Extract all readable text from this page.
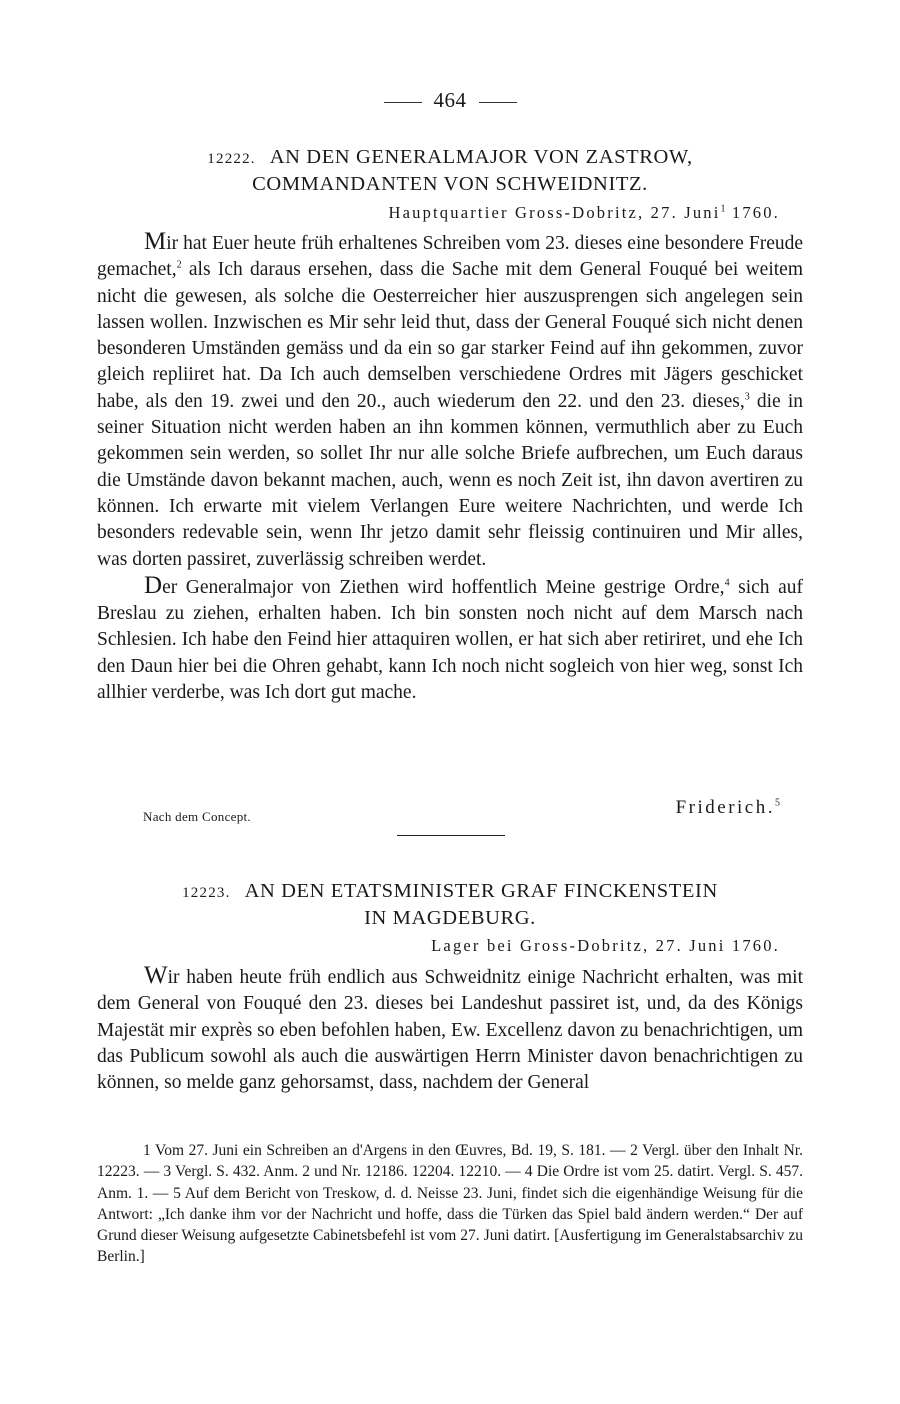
464
12222. AN DEN GENERALMAJOR VON ZASTROW,
COMMANDANTEN VON SCHWEIDNITZ.
Hauptquartier Gross-Dobritz, 27. Juni$^1$ 1760.

Mir hat Euer heute früh erhaltenes Schreiben vom 23. dieses eine besondere Freude gemachet,$^2$ als Ich daraus ersehen, dass die Sache mit dem General Fouqué bei weitem nicht die gewesen, als solche die Oesterreicher hier auszusprengen sich angelegen sein lassen wollen. Inzwischen es Mir sehr leid thut, dass der General Fouqué sich nicht denen besonderen Umständen gemäss und da ein so gar starker Feind auf ihn gekommen, zuvor gleich repliiret hat. Da Ich auch demselben verschiedene Ordres mit Jägers geschicket habe, als den 19. zwei und den 20., auch wiederum den 22. und den 23. dieses,$^3$ die in seiner Situation nicht werden haben an ihn kommen können, vermuthlich aber zu Euch gekommen sein werden, so sollet Ihr nur alle solche Briefe aufbrechen, um Euch daraus die Umstände davon bekannt machen, auch, wenn es noch Zeit ist, ihn davon avertiren zu können. Ich erwarte mit vielem Verlangen Eure weitere Nachrichten, und werde Ich besonders redevable sein, wenn Ihr jetzo damit sehr fleissig continuiren und Mir alles, was dorten passiret, zuverlässig schreiben werdet.

Der Generalmajor von Ziethen wird hoffentlich Meine gestrige Ordre,$^4$ sich auf Breslau zu ziehen, erhalten haben. Ich bin sonsten noch nicht auf dem Marsch nach Schlesien. Ich habe den Feind hier attaquiren wollen, er hat sich aber retiriret, und ehe Ich den Daun hier bei die Ohren gehabt, kann Ich noch nicht sogleich von hier weg, sonst Ich allhier verderbe, was Ich dort gut mache.

Nach dem Concept.	Friderich.$^5$
12223. AN DEN ETATSMINISTER GRAF FINCKENSTEIN
IN MAGDEBURG.
Lager bei Gross-Dobritz, 27. Juni 1760.

Wir haben heute früh endlich aus Schweidnitz einige Nachricht erhalten, was mit dem General von Fouqué den 23. dieses bei Landeshut passiret ist, und, da des Königs Majestät mir exprès so eben befohlen haben, Ew. Excellenz davon zu benachrichtigen, um das Publicum sowohl als auch die auswärtigen Herrn Minister davon benachrichtigen zu können, so melde ganz gehorsamst, dass, nachdem der General

1 Vom 27. Juni ein Schreiben an d'Argens in den Œuvres, Bd. 19, S. 181. — 2 Vergl. über den Inhalt Nr. 12223. — 3 Vergl. S. 432. Anm. 2 und Nr. 12186. 12204. 12210. — 4 Die Ordre ist vom 25. datirt. Vergl. S. 457. Anm. 1. — 5 Auf dem Bericht von Treskow, d. d. Neisse 23. Juni, findet sich die eigenhändige Weisung für die Antwort: „Ich danke ihm vor der Nachricht und hoffe, dass die Türken das Spiel bald ändern werden.“ Der auf Grund dieser Weisung aufgesetzte Cabinetsbefehl ist vom 27. Juni datirt. [Ausfertigung im Generalstabsarchiv zu Berlin.]
